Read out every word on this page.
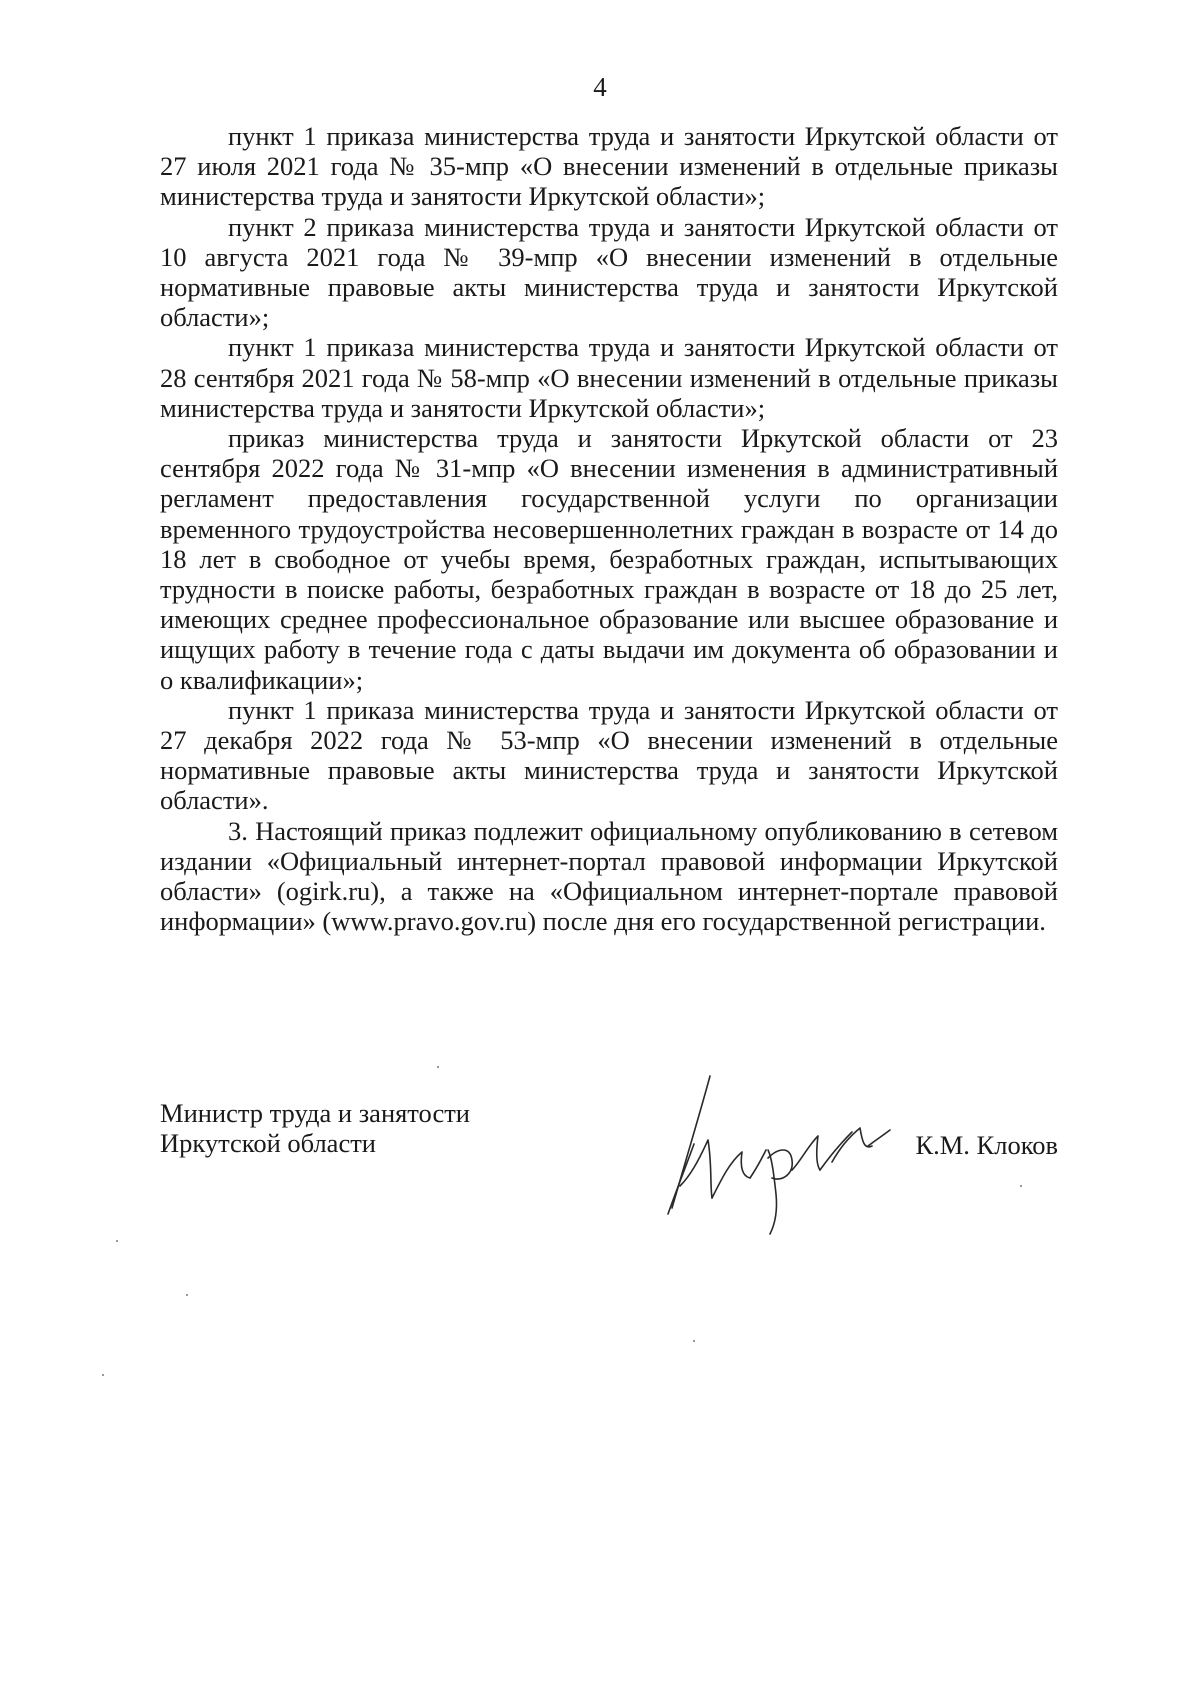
4

пункт 1 приказа министерства труда и занятости Иркутской области от 27 июля 2021 года № 35-мпр «О внесении изменений в отдельные приказы министерства труда и занятости Иркутской области»;

пункт 2 приказа министерства труда и занятости Иркутской области от 10 августа 2021 года № 39-мпр «О внесении изменений в отдельные нормативные правовые акты министерства труда и занятости Иркутской области»;

пункт 1 приказа министерства труда и занятости Иркутской области от 28 сентября 2021 года № 58-мпр «О внесении изменений в отдельные приказы министерства труда и занятости Иркутской области»;

приказ министерства труда и занятости Иркутской области от 23 сентября 2022 года № 31-мпр «О внесении изменения в административный регламент предоставления государственной услуги по организации временного трудоустройства несовершеннолетних граждан в возрасте от 14 до 18 лет в свободное от учебы время, безработных граждан, испытывающих трудности в поиске работы, безработных граждан в возрасте от 18 до 25 лет, имеющих среднее профессиональное образование или высшее образование и ищущих работу в течение года с даты выдачи им документа об образовании и о квалификации»;

пункт 1 приказа министерства труда и занятости Иркутской области от 27 декабря 2022 года № 53-мпр «О внесении изменений в отдельные нормативные правовые акты министерства труда и занятости Иркутской области».

3. Настоящий приказ подлежит официальному опубликованию в сетевом издании «Официальный интернет-портал правовой информации Иркутской области» (ogirk.ru), а также на «Официальном интернет-портале правовой информации» (www.pravo.gov.ru) после дня его государственной регистрации.

Министр труда и занятости
Иркутской области	К.М. Клоков
